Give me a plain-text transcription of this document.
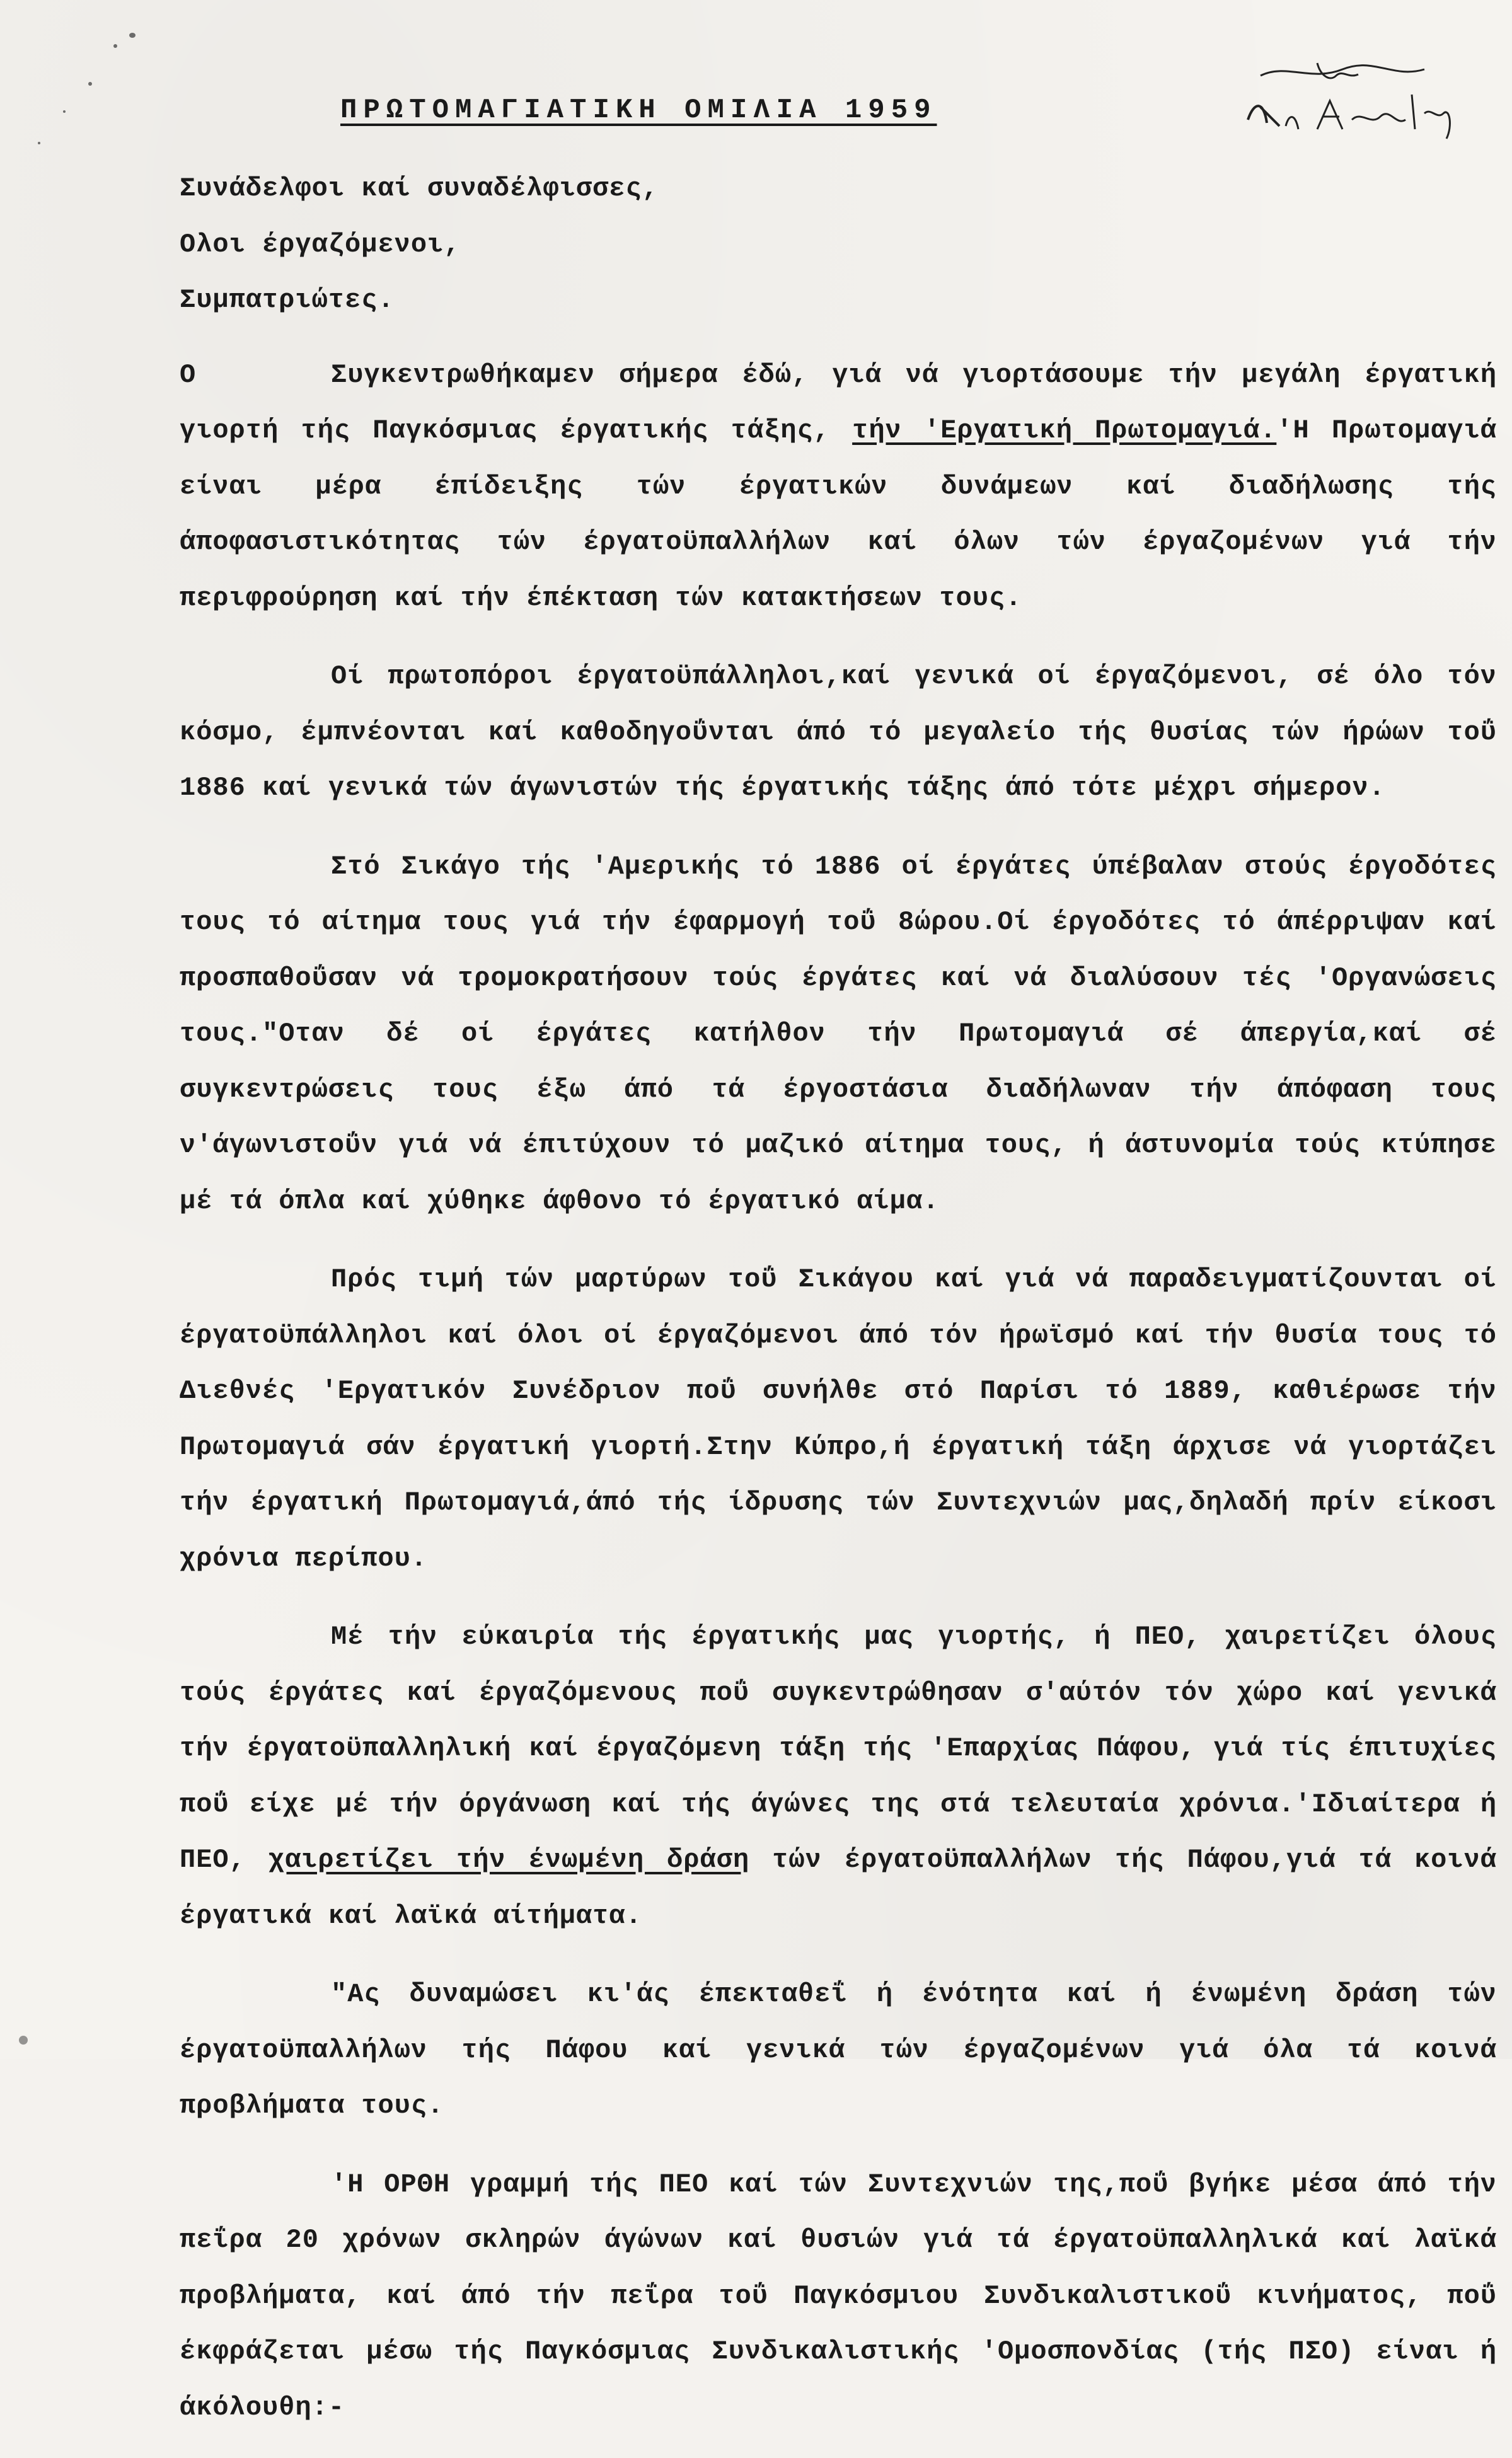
ΠΡΩΤΟΜΑΓΙΑΤΙΚΗ ΟΜΙΛΙΑ 1959

Συνάδελφοι καί συναδέλφισσες,

Ολοι έργαζόμενοι,

Συμπατριώτες.

Ο	Συγκεντρωθήκαμεν σήμερα έδώ, γιά νά γιορτάσουμε τήν μεγάλη έργατική γιορτή τής Παγκόσμιας έργατικής τάξης, τήν 'Εργατική Πρωτομαγιά.'Η Πρωτομαγιά είναι μέρα έπίδειξης τών έργατικών δυνάμεων καί διαδήλωσης τής άποφασιστικότητας τών έργατοϋπαλλήλων καί όλων τών έργαζομένων γιά τήν περιφρούρηση καί τήν έπέκταση τών κατακτήσεων τους.

Οί πρωτοπόροι έργατοϋπάλληλοι,καί γενικά οί έργαζόμενοι, σέ όλο τόν κόσμο, έμπνέονται καί καθοδηγοΰνται άπό τό μεγαλείο τής θυσίας τών ήρώων τοΰ 1886 καί γενικά τών άγωνιστών τής έργατικής τάξης άπό τότε μέχρι σήμερον.

Στό Σικάγο τής 'Αμερικής τό 1886 οί έργάτες ύπέβαλαν στούς έργοδότες τους τό αίτημα τους γιά τήν έφαρμογή τοΰ 8ώρου.Οί έργοδότες τό άπέρριψαν καί προσπαθοΰσαν νά τρομοκρατήσουν τούς έργάτες καί νά διαλύσουν τές 'Οργανώσεις τους."Οταν δέ οί έργάτες κατήλθον τήν Πρωτομαγιά σέ άπεργία,καί σέ συγκεντρώσεις τους έξω άπό τά έργοστάσια διαδήλωναν τήν άπόφαση τους ν'άγωνιστοΰν γιά νά έπιτύχουν τό μαζικό αίτημα τους, ή άστυνομία τούς κτύπησε μέ τά όπλα καί χύθηκε άφθονο τό έργατικό αίμα.

Πρός τιμή τών μαρτύρων τοΰ Σικάγου καί γιά νά παραδειγματίζουνται οί έργατοϋπάλληλοι καί όλοι οί έργαζόμενοι άπό τόν ήρωϊσμό καί τήν θυσία τους τό Διεθνές 'Εργατικόν Συνέδριον ποΰ συνήλθε στό Παρίσι τό 1889, καθιέρωσε τήν Πρωτομαγιά σάν έργατική γιορτή.Στην Κύπρο,ή έργατική τάξη άρχισε νά γιορτάζει τήν έργατική Πρωτομαγιά,άπό τής ίδρυσης τών Συντεχνιών μας,δηλαδή πρίν είκοσι χρόνια περίπου.

Μέ τήν εύκαιρία τής έργατικής μας γιορτής, ή ΠΕΟ, χαιρετίζει όλους τούς έργάτες καί έργαζόμενους ποΰ συγκεντρώθησαν σ'αύτόν τόν χώρο καί γενικά τήν έργατοϋπαλληλική καί έργαζόμενη τάξη τής 'Επαρχίας Πάφου, γιά τίς έπιτυχίες ποΰ είχε μέ τήν όργάνωση καί τής άγώνες της στά τελευταία χρόνια.'Ιδιαίτερα ή ΠΕΟ, χαιρετίζει τήν ένωμένη δράση τών έργατοϋπαλλήλων τής Πάφου,γιά τά κοινά έργατικά καί λαϊκά αίτήματα.

"Ας δυναμώσει κι'άς έπεκταθεΐ ή ένότητα καί ή ένωμένη δράση τών έργατοϋπαλλήλων τής Πάφου καί γενικά τών έργαζομένων γιά όλα τά κοινά προβλήματα τους.

'Η ΟΡΘΗ γραμμή τής ΠΕΟ καί τών Συντεχνιών της,ποΰ βγήκε μέσα άπό τήν πεΐρα 20 χρόνων σκληρών άγώνων καί θυσιών γιά τά έργατοϋπαλληλικά καί λαϊκά προβλήματα, καί άπό τήν πεΐρα τοΰ Παγκόσμιου Συνδικαλιστικοΰ κινήματος, ποΰ έκφράζεται μέσω τής Παγκόσμιας Συνδικαλιστικής 'Ομοσπονδίας (τής ΠΣΟ) είναι ή άκόλουθη:-
